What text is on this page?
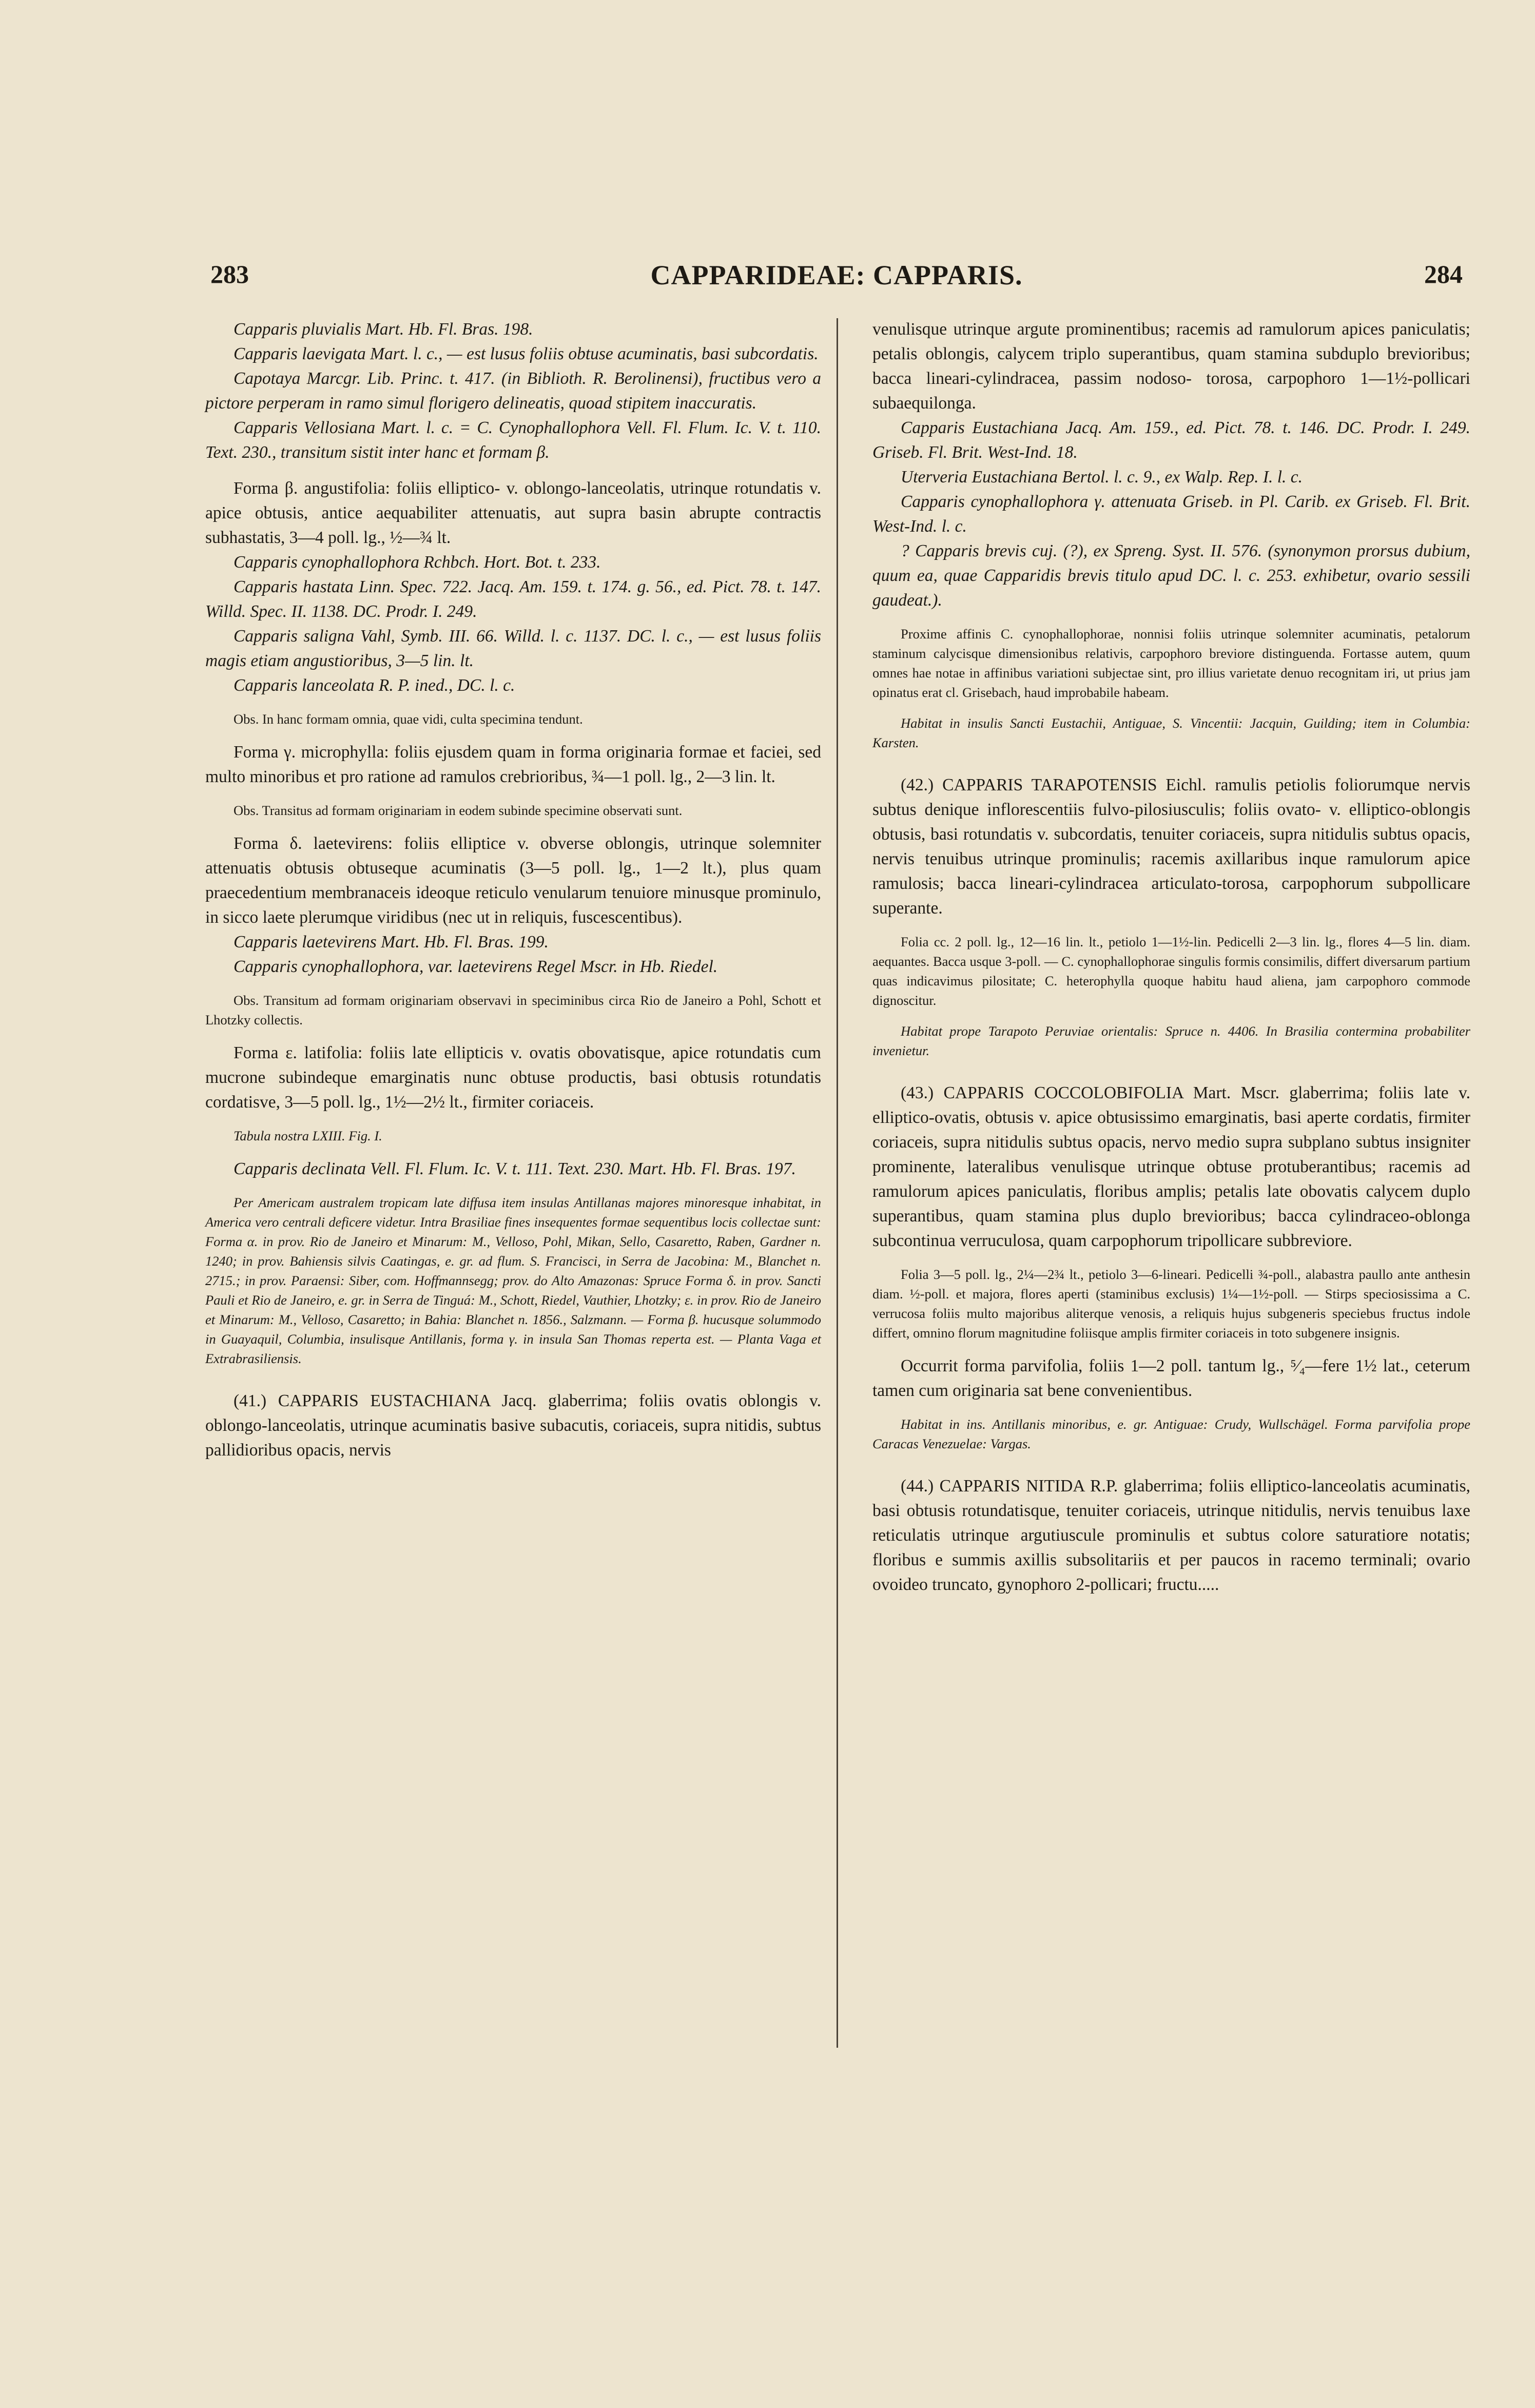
283	CAPPARIDEAE: CAPPARIS.	284

Capparis pluvialis Mart. Hb. Fl. Bras. 198.

Capparis laevigata Mart. l. c., — est lusus foliis obtuse acuminatis, basi subcordatis.

Capotaya Marcgr. Lib. Princ. t. 417. (in Biblioth. R. Berolinensi), fructibus vero a pictore perperam in ramo simul florigero delineatis, quoad stipitem inaccuratis.

Capparis Vellosiana Mart. l. c. = C. Cynophallophora Vell. Fl. Flum. Ic. V. t. 110. Text. 230., transitum sistit inter hanc et formam β.

Forma β. angustifolia: foliis elliptico- v. oblongo-lanceolatis, utrinque rotundatis v. apice obtusis, antice aequabiliter attenuatis, aut supra basin abrupte contractis subhastatis, 3—4 poll. lg., ½—¾ lt.

Capparis cynophallophora Rchbch. Hort. Bot. t. 233.

Capparis hastata Linn. Spec. 722. Jacq. Am. 159. t. 174. g. 56., ed. Pict. 78. t. 147. Willd. Spec. II. 1138. DC. Prodr. I. 249.

Capparis saligna Vahl, Symb. III. 66. Willd. l. c. 1137. DC. l. c., — est lusus foliis magis etiam angustioribus, 3—5 lin. lt.

Capparis lanceolata R. P. ined., DC. l. c.

Obs. In hanc formam omnia, quae vidi, culta specimina tendunt.

Forma γ. microphylla: foliis ejusdem quam in forma originaria formae et faciei, sed multo minoribus et pro ratione ad ramulos crebrioribus, ¾—1 poll. lg., 2—3 lin. lt.

Obs. Transitus ad formam originariam in eodem subinde specimine observati sunt.

Forma δ. laetevirens: foliis elliptice v. obverse oblongis, utrinque solemniter attenuatis obtusis obtuseque acuminatis (3—5 poll. lg., 1—2 lt.), plus quam praecedentium membranaceis ideoque reticulo venularum tenuiore minusque prominulo, in sicco laete plerumque viridibus (nec ut in reliquis, fuscescentibus).

Capparis laetevirens Mart. Hb. Fl. Bras. 199.

Capparis cynophallophora, var. laetevirens Regel Mscr. in Hb. Riedel.

Obs. Transitum ad formam originariam observavi in speciminibus circa Rio de Janeiro a Pohl, Schott et Lhotzky collectis.

Forma ε. latifolia: foliis late ellipticis v. ovatis obovatisque, apice rotundatis cum mucrone subindeque emarginatis nunc obtuse productis, basi obtusis rotundatis cordatisve, 3—5 poll. lg., 1½—2½ lt., firmiter coriaceis.

Tabula nostra LXIII. Fig. I.

Capparis declinata Vell. Fl. Flum. Ic. V. t. 111. Text. 230. Mart. Hb. Fl. Bras. 197.

Per Americam australem tropicam late diffusa item insulas Antillanas majores minoresque inhabitat, in America vero centrali deficere videtur. Intra Brasiliae fines insequentes formae sequentibus locis collectae sunt: Forma α. in prov. Rio de Janeiro et Minarum: M., Velloso, Pohl, Mikan, Sello, Casaretto, Raben, Gardner n. 1240; in prov. Bahiensis silvis Caatingas, e. gr. ad flum. S. Francisci, in Serra de Jacobina: M., Blanchet n. 2715.; in prov. Paraensi: Siber, com. Hoffmannsegg; prov. do Alto Amazonas: Spruce Forma δ. in prov. Sancti Pauli et Rio de Janeiro, e. gr. in Serra de Tinguá: M., Schott, Riedel, Vauthier, Lhotzky; ε. in prov. Rio de Janeiro et Minarum: M., Velloso, Casaretto; in Bahia: Blanchet n. 1856., Salzmann. — Forma β. hucusque solummodo in Guayaquil, Columbia, insulisque Antillanis, forma γ. in insula San Thomas reperta est. — Planta Vaga et Extrabrasiliensis.

(41.) CAPPARIS EUSTACHIANA Jacq. glaberrima; foliis ovatis oblongis v. oblongo-lanceolatis, utrinque acuminatis basive subacutis, coriaceis, supra nitidis, subtus pallidioribus opacis, nervis

venulisque utrinque argute prominentibus; racemis ad ramulorum apices paniculatis; petalis oblongis, calycem triplo superantibus, quam stamina subduplo brevioribus; bacca lineari-cylindracea, passim nodoso- torosa, carpophoro 1—1½-pollicari subaequilonga.

Capparis Eustachiana Jacq. Am. 159., ed. Pict. 78. t. 146. DC. Prodr. I. 249. Griseb. Fl. Brit. West-Ind. 18.

Uterveria Eustachiana Bertol. l. c. 9., ex Walp. Rep. I. l. c.

Capparis cynophallophora γ. attenuata Griseb. in Pl. Carib. ex Griseb. Fl. Brit. West-Ind. l. c.

? Capparis brevis cuj. (?), ex Spreng. Syst. II. 576. (synonymon prorsus dubium, quum ea, quae Capparidis brevis titulo apud DC. l. c. 253. exhibetur, ovario sessili gaudeat.).

Proxime affinis C. cynophallophorae, nonnisi foliis utrinque solemniter acuminatis, petalorum staminum calycisque dimensionibus relativis, carpophoro breviore distinguenda. Fortasse autem, quum omnes hae notae in affinibus variationi subjectae sint, pro illius varietate denuo recognitam iri, ut prius jam opinatus erat cl. Grisebach, haud improbabile habeam.

Habitat in insulis Sancti Eustachii, Antiguae, S. Vincentii: Jacquin, Guilding; item in Columbia: Karsten.

(42.) CAPPARIS TARAPOTENSIS Eichl. ramulis petiolis foliorumque nervis subtus denique inflorescentiis fulvo-pilosiusculis; foliis ovato- v. elliptico-oblongis obtusis, basi rotundatis v. subcordatis, tenuiter coriaceis, supra nitidulis subtus opacis, nervis tenuibus utrinque prominulis; racemis axillaribus inque ramulorum apice ramulosis; bacca lineari-cylindracea articulato-torosa, carpophorum subpollicare superante.

Folia cc. 2 poll. lg., 12—16 lin. lt., petiolo 1—1½-lin. Pedicelli 2—3 lin. lg., flores 4—5 lin. diam. aequantes. Bacca usque 3-poll. — C. cynophallophorae singulis formis consimilis, differt diversarum partium quas indicavimus pilositate; C. heterophylla quoque habitu haud aliena, jam carpophoro commode dignoscitur.

Habitat prope Tarapoto Peruviae orientalis: Spruce n. 4406. In Brasilia contermina probabiliter invenietur.

(43.) CAPPARIS COCCOLOBIFOLIA Mart. Mscr. glaberrima; foliis late v. elliptico-ovatis, obtusis v. apice obtusissimo emarginatis, basi aperte cordatis, firmiter coriaceis, supra nitidulis subtus opacis, nervo medio supra subplano subtus insigniter prominente, lateralibus venulisque utrinque obtuse protuberantibus; racemis ad ramulorum apices paniculatis, floribus amplis; petalis late obovatis calycem duplo superantibus, quam stamina plus duplo brevioribus; bacca cylindraceo-oblonga subcontinua verruculosa, quam carpophorum tripollicare subbreviore.

Folia 3—5 poll. lg., 2¼—2¾ lt., petiolo 3—6-lineari. Pedicelli ¾-poll., alabastra paullo ante anthesin diam. ½-poll. et majora, flores aperti (staminibus exclusis) 1¼—1½-poll. — Stirps speciosissima a C. verrucosa foliis multo majoribus aliterque venosis, a reliquis hujus subgeneris speciebus fructus indole differt, omnino florum magnitudine foliisque amplis firmiter coriaceis in toto subgenere insignis.

Occurrit forma parvifolia, foliis 1—2 poll. tantum lg., ⁵⁄₄—fere 1½ lat., ceterum tamen cum originaria sat bene convenientibus.

Habitat in ins. Antillanis minoribus, e. gr. Antiguae: Crudy, Wullschägel. Forma parvifolia prope Caracas Venezuelae: Vargas.

(44.) CAPPARIS NITIDA R.P. glaberrima; foliis elliptico-lanceolatis acuminatis, basi obtusis rotundatisque, tenuiter coriaceis, utrinque nitidulis, nervis tenuibus laxe reticulatis utrinque argutiuscule prominulis et subtus colore saturatiore notatis; floribus e summis axillis subsolitariis et per paucos in racemo terminali; ovario ovoideo truncato, gynophoro 2-pollicari; fructu.....
